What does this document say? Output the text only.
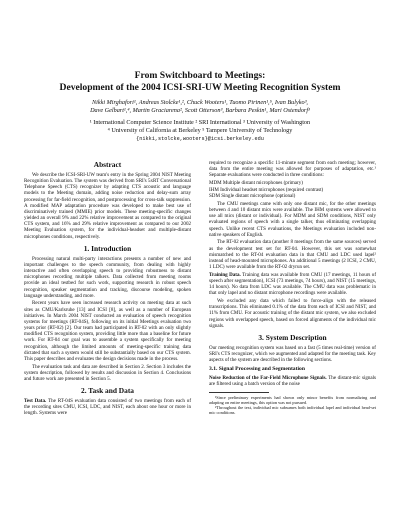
From Switchboard to Meetings:
Development of the 2004 ICSI-SRI-UW Meeting Recognition System
Nikki Mirghafori¹, Andreas Stolcke¹,², Chuck Wooters¹, Tuomo Pirinen¹,⁵, Ivan Bulyko³,
Dave Gelbart¹,⁴, Martin Graciarena², Scott Otterson³, Barbara Peskin¹, Mari Ostendorf³
¹ International Computer Science Institute ² SRI International ³ University of Washington
⁴ University of California at Berkeley ⁵ Tampere University of Technology
{nikki,stolcke,wooters}@icsi.berkeley.edu
Abstract

We describe the ICSI-SRI-UW team's entry in the Spring 2004 NIST Meeting Recognition Evaluation. The system was derived from SRI's 5xRT Conversational Telephone Speech (CTS) recognizer by adapting CTS acoustic and language models to the Meeting domain, adding noise reduction and delay-sum array processing for far-field recognition, and postprocessing for cross-talk suppression. A modified MAP adaptation procedure was developed to make best use of discriminatively trained (MMIE) prior models. These meeting-specific changes yielded an overall 9% and 22% relative improvement as compared to the original CTS system, and 16% and 29% relative improvement as compared to our 2002 Meeting Evaluation system, for the individual-headset and multiple-distant microphones conditions, respectively.

1. Introduction

Processing natural multi-party interactions presents a number of new and important challenges to the speech community, from dealing with highly interactive and often overlapping speech to providing robustness to distant microphones recording multiple talkers. Data collected from meeting rooms provide an ideal testbed for such work, supporting research in robust speech recognition, speaker segmentation and tracking, discourse modeling, spoken language understanding, and more.

Recent years have seen increased research activity on meeting data at such sites as CMU/Karlsruhe [13] and ICSI [8], as well as a number of European initiatives. In March 2004 NIST conducted an evaluation of speech recognition systems for meetings (RT-04S), following on its initial Meetings evaluation two years prior (RT-02) [2]. Our team had participated in RT-02 with an only slightly modified CTS recognition system, providing little more than a baseline for future work. For RT-04 our goal was to assemble a system specifically for meeting recognition, although the limited amounts of meeting-specific training data dictated that such a system would still be substantially based on our CTS system. This paper describes and evaluates the design decisions made in the process.

The evaluation task and data are described in Section 2. Section 3 includes the system description, followed by results and discussion in Section 4. Conclusions and future work are presented in Section 5.

2. Task and Data

Test Data. The RT-04S evaluation data consisted of two meetings from each of the recording sites CMU, ICSI, LDC, and NIST, each about one hour or more in length. Systems were

required to recognize a specific 11-minute segment from each meeting; however, data from the entire meeting was allowed for purposes of adaptation, etc.¹ Separate evaluations were conducted in three conditions:

MDM Multiple distant microphones (primary)
IHM Individual headset microphones (required contrast)
SDM Single distant microphone (optional)

The CMU meetings came with only one distant mic, for the other meetings between 4 and 10 distant mics were available. The IHM systems were allowed to use all mics (distant or individual). For MDM and SDM conditions, NIST only evaluated regions of speech with a single talker, thus eliminating overlapping speech. Unlike recent CTS evaluations, the Meetings evaluation included non-native speakers of English.

The RT-02 evaluation data (another 8 meetings from the same sources) served as the development test set for RT-04. However, this set was somewhat mismatched to the RT-04 evaluation data in that CMU and LDC used lapel² instead of head-mounted microphones. An additional 5 meetings (2 ICSI, 2 CMU, 1 LDC) were available from the RT-02 dryrun set.

Training Data. Training data was available from CMU (17 meetings, 11 hours of speech after segmentation), ICSI (73 meetings, 74 hours), and NIST (15 meetings, 14 hours). No data from LDC was available. The CMU data was problematic in that only lapel and no distant microphone recordings were available.

We excluded any data which failed to force-align with the released transcriptions. This eliminated 0.1% of the data from each of ICSI and NIST, and 11% from CMU. For acoustic training of the distant mic system, we also excluded regions with overlapped speech, based on forced alignments of the individual mic signals.

3. System Description

Our meeting recognition system was based on a fast (5 times real-time) version of SRI's CTS recognizer, which we augmented and adapted for the meeting task. Key aspects of the system are described in the following sections.

3.1. Signal Processing and Segmentation

Noise Reduction of the Far-Field Microphone Signals. The distant-mic signals are filtered using a batch version of the noise

¹Since preliminary experiments had shown only minor benefits from normalizing and adapting on entire meetings, this option was not pursued.
²Throughout the text, individual mic subsumes both individual lapel and individual head-set mic conditions.
